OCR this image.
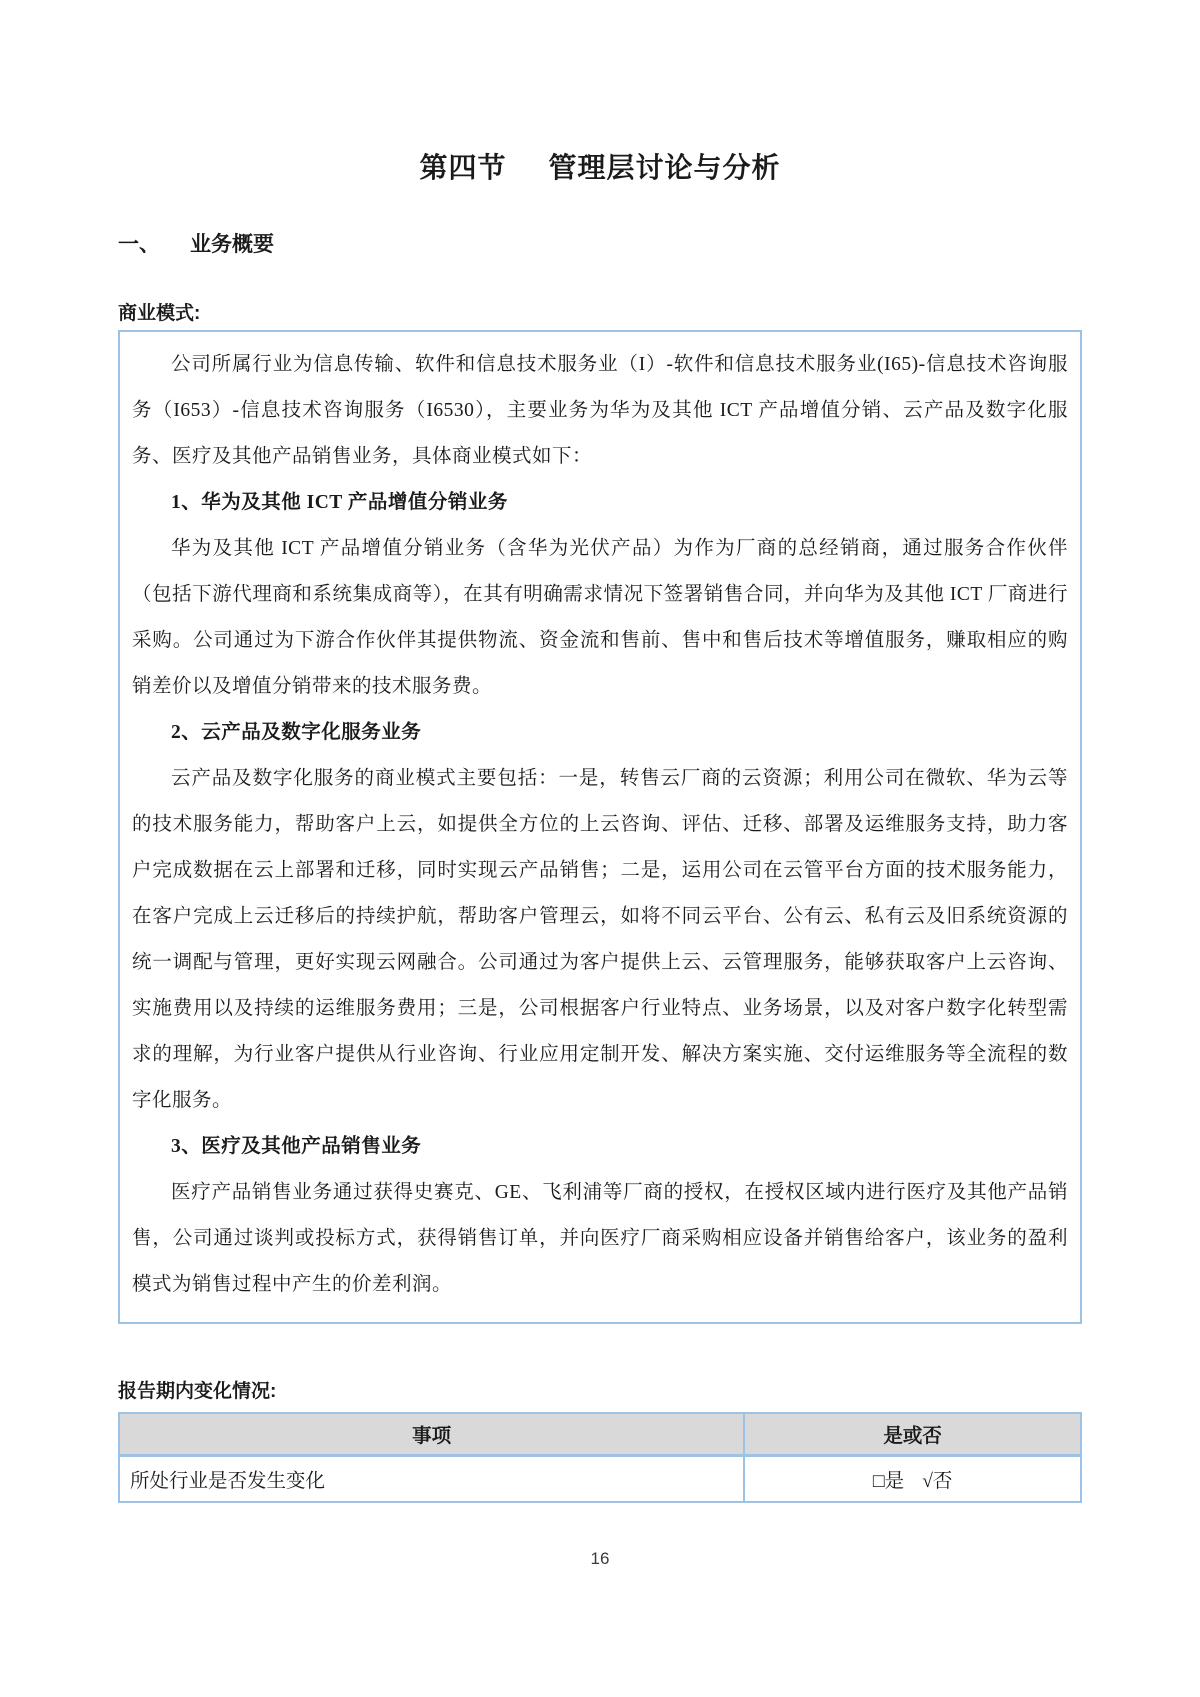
第四节 管理层讨论与分析
一、 业务概要
商业模式:

公司所属行业为信息传输、软件和信息技术服务业（I）-软件和信息技术服务业(I65)-信息技术咨询服务（I653）-信息技术咨询服务（I6530），主要业务为华为及其他 ICT 产品增值分销、云产品及数字化服务、医疗及其他产品销售业务，具体商业模式如下：

1、华为及其他 ICT 产品增值分销业务

华为及其他 ICT 产品增值分销业务（含华为光伏产品）为作为厂商的总经销商，通过服务合作伙伴（包括下游代理商和系统集成商等），在其有明确需求情况下签署销售合同，并向华为及其他 ICT 厂商进行采购。公司通过为下游合作伙伴其提供物流、资金流和售前、售中和售后技术等增值服务，赚取相应的购销差价以及增值分销带来的技术服务费。

2、云产品及数字化服务业务

云产品及数字化服务的商业模式主要包括：一是，转售云厂商的云资源；利用公司在微软、华为云等的技术服务能力，帮助客户上云，如提供全方位的上云咨询、评估、迁移、部署及运维服务支持，助力客户完成数据在云上部署和迁移，同时实现云产品销售；二是，运用公司在云管平台方面的技术服务能力，在客户完成上云迁移后的持续护航，帮助客户管理云，如将不同云平台、公有云、私有云及旧系统资源的统一调配与管理，更好实现云网融合。公司通过为客户提供上云、云管理服务，能够获取客户上云咨询、实施费用以及持续的运维服务费用；三是，公司根据客户行业特点、业务场景，以及对客户数字化转型需求的理解，为行业客户提供从行业咨询、行业应用定制开发、解决方案实施、交付运维服务等全流程的数字化服务。

3、医疗及其他产品销售业务

医疗产品销售业务通过获得史赛克、GE、飞利浦等厂商的授权，在授权区域内进行医疗及其他产品销售，公司通过谈判或投标方式，获得销售订单，并向医疗厂商采购相应设备并销售给客户，该业务的盈利模式为销售过程中产生的价差利润。

报告期内变化情况:
事项	是或否
所处行业是否发生变化	□是 √否
16
